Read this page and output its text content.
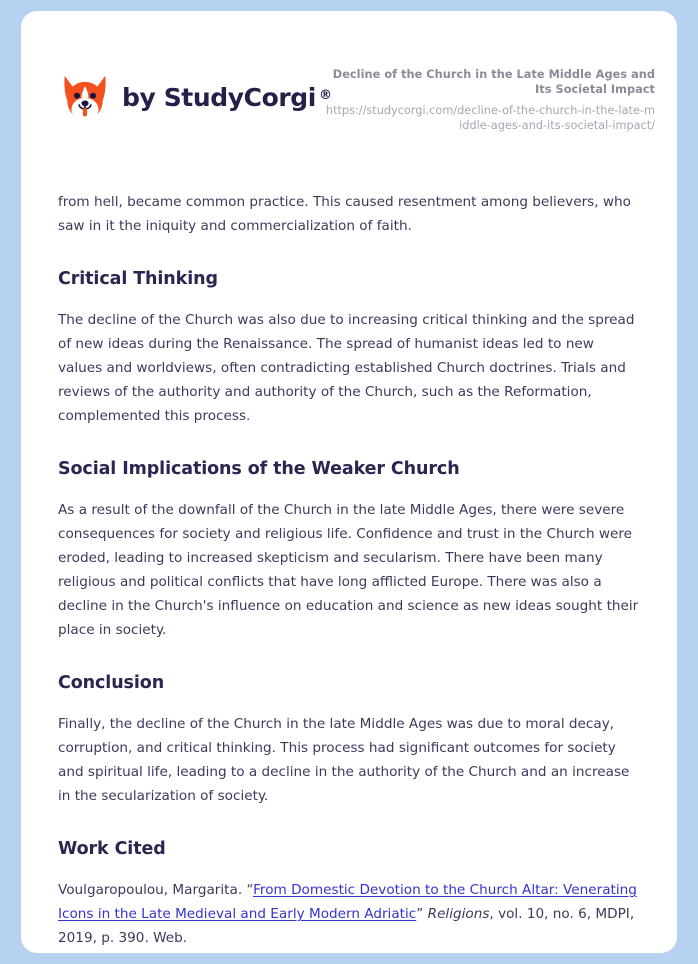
by StudyCorgi ®
Decline of the Church in the Late Middle Ages and Its Societal Impact
https://studycorgi.com/decline-of-the-church-in-the-late-middle-ages-and-its-societal-impact/

from hell, became common practice. This caused resentment among believers, who saw in it the iniquity and commercialization of faith.

Critical Thinking

The decline of the Church was also due to increasing critical thinking and the spread of new ideas during the Renaissance. The spread of humanist ideas led to new values and worldviews, often contradicting established Church doctrines. Trials and reviews of the authority and authority of the Church, such as the Reformation, complemented this process.

Social Implications of the Weaker Church

As a result of the downfall of the Church in the late Middle Ages, there were severe consequences for society and religious life. Confidence and trust in the Church were eroded, leading to increased skepticism and secularism. There have been many religious and political conflicts that have long afflicted Europe. There was also a decline in the Church's influence on education and science as new ideas sought their place in society.

Conclusion

Finally, the decline of the Church in the late Middle Ages was due to moral decay, corruption, and critical thinking. This process had significant outcomes for society and spiritual life, leading to a decline in the authority of the Church and an increase in the secularization of society.

Work Cited

Voulgaropoulou, Margarita. “From Domestic Devotion to the Church Altar: Venerating Icons in the Late Medieval and Early Modern Adriatic” Religions, vol. 10, no. 6, MDPI, 2019, p. 390. Web.
